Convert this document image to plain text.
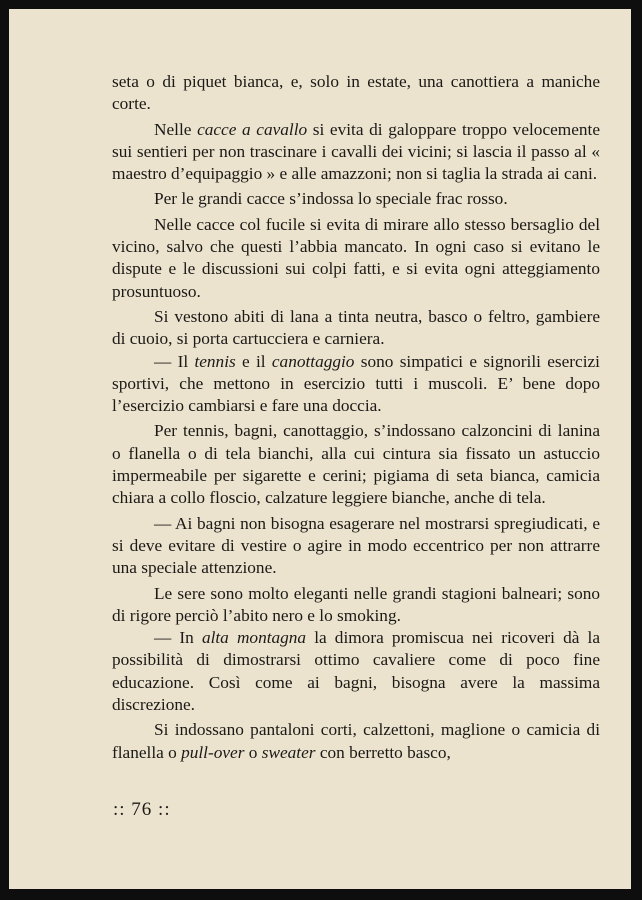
seta o di piquet bianca, e, solo in estate, una canottiera a maniche corte.

Nelle cacce a cavallo si evita di galoppare troppo velocemente sui sentieri per non trascinare i cavalli dei vicini; si lascia il passo al « maestro d’equipaggio » e alle amazzoni; non si taglia la strada ai cani.

Per le grandi cacce s’indossa lo speciale frac rosso.

Nelle cacce col fucile si evita di mirare allo stesso bersaglio del vicino, salvo che questi l’abbia mancato. In ogni caso si evitano le dispute e le discussioni sui colpi fatti, e si evita ogni atteggiamento prosuntuoso.

Si vestono abiti di lana a tinta neutra, basco o feltro, gambiere di cuoio, si porta cartucciera e carniera.

— Il tennis e il canottaggio sono simpatici e signorili esercizi sportivi, che mettono in esercizio tutti i muscoli. E’ bene dopo l’esercizio cambiarsi e fare una doccia.

Per tennis, bagni, canottaggio, s’indossano calzoncini di lanina o flanella o di tela bianchi, alla cui cintura sia fissato un astuccio impermeabile per sigarette e cerini; pigiama di seta bianca, camicia chiara a collo floscio, calzature leggiere bianche, anche di tela.

— Ai bagni non bisogna esagerare nel mostrarsi spregiudicati, e si deve evitare di vestire o agire in modo eccentrico per non attrarre una speciale attenzione.

Le sere sono molto eleganti nelle grandi stagioni balneari; sono di rigore perciò l’abito nero e lo smoking.

— In alta montagna la dimora promiscua nei ricoveri dà la possibilità di dimostrarsi ottimo cavaliere come di poco fine educazione. Così come ai bagni, bisogna avere la massima discrezione.

Si indossano pantaloni corti, calzettoni, maglione o camicia di flanella o pull-over o sweater con berretto basco,

:: 76 ::
